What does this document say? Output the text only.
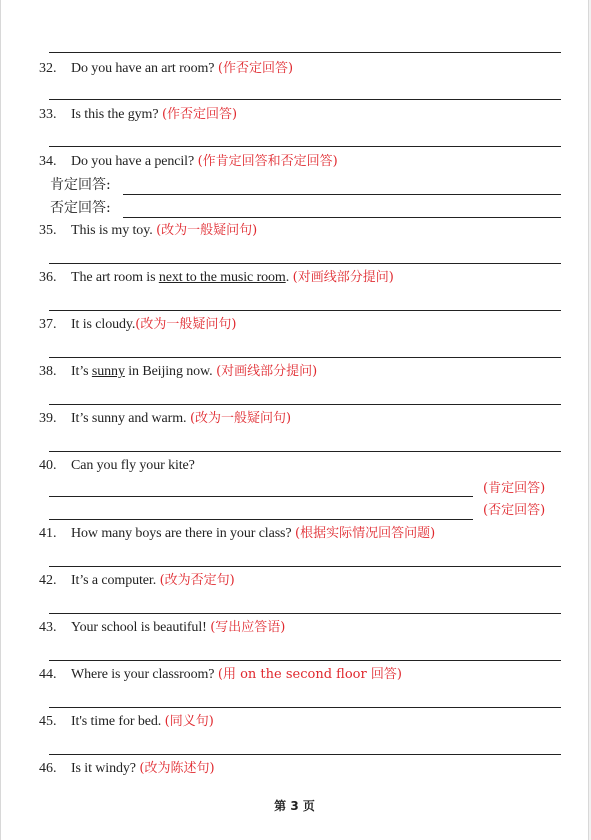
32. Do you have an art room? (作否定回答)
33. Is this the gym? (作否定回答)
34. Do you have a pencil? (作肯定回答和否定回答)
肯定回答:
否定回答:
35. This is my toy. (改为一般疑问句)
36. The art room is next to the music room. (对画线部分提问)
37. It is cloudy.(改为一般疑问句)
38. It’s sunny in Beijing now. (对画线部分提问)
39. It’s sunny and warm. (改为一般疑问句)
40. Can you fly your kite?
(肯定回答)
(否定回答)
41. How many boys are there in your class? (根据实际情况回答问题)
42. It’s a computer. (改为否定句)
43. Your school is beautiful! (写出应答语)
44. Where is your classroom? (用 on the second floor 回答)
45. It's time for bed. (同义句)
46. Is it windy? (改为陈述句)
第 3 页
